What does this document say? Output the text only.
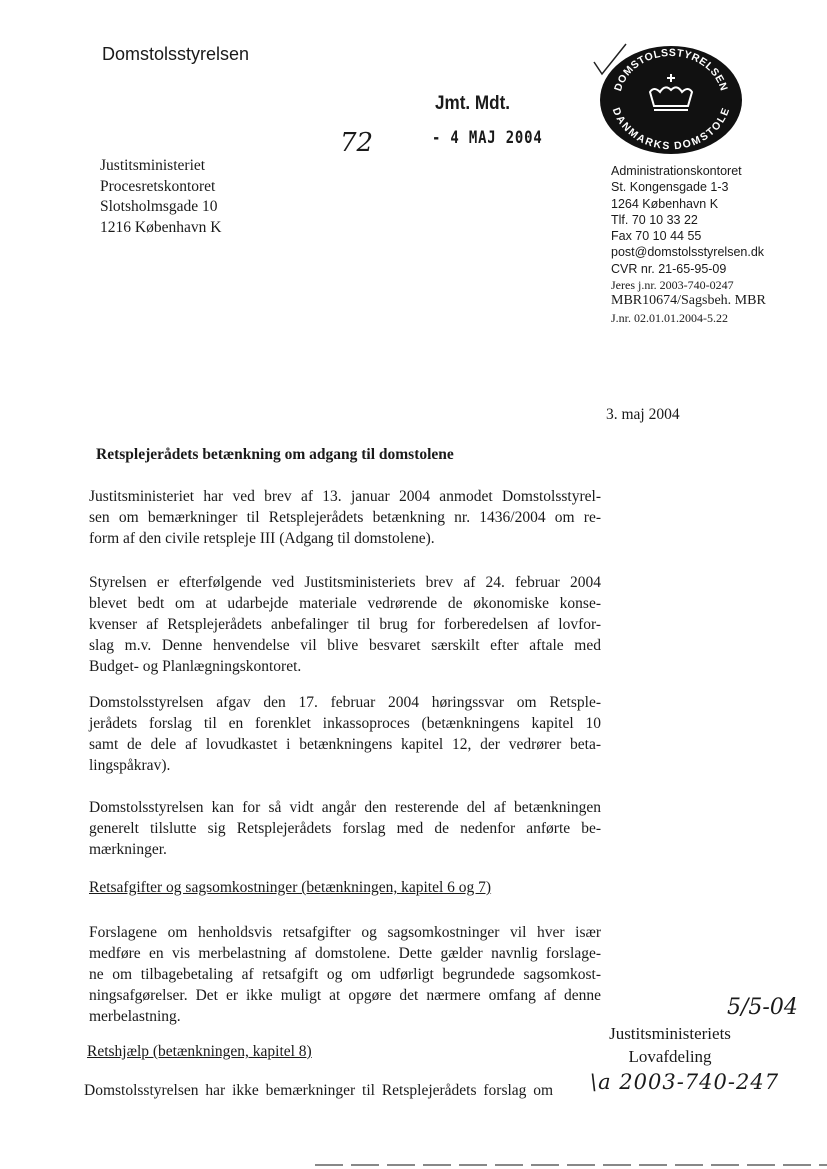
Domstolsstyrelsen
Justitsministeriet
Procesretskontoret
Slotsholmsgade 10
1216 København K
Jmt. Mdt.
- 4 MAJ 2004
72
DOMSTOLSSTYRELSEN
DANMARKS DOMSTOLE
Administrationskontoret
St. Kongensgade 1-3
1264 København K
Tlf. 70 10 33 22
Fax 70 10 44 55
post@domstolsstyrelsen.dk
CVR nr. 21-65-95-09
Jeres j.nr. 2003-740-0247
MBR10674/Sagsbeh. MBR
J.nr. 02.01.01.2004-5.22
3. maj 2004
Retsplejerådets betænkning om adgang til domstolene
Justitsministeriet har ved brev af 13. januar 2004 anmodet Domstolsstyrel-
sen om bemærkninger til Retsplejerådets betænkning nr. 1436/2004 om re-
form af den civile retspleje III (Adgang til domstolene).
Styrelsen er efterfølgende ved Justitsministeriets brev af 24. februar 2004
blevet bedt om at udarbejde materiale vedrørende de økonomiske konse-
kvenser af Retsplejerådets anbefalinger til brug for forberedelsen af lovfor-
slag m.v. Denne henvendelse vil blive besvaret særskilt efter aftale med
Budget- og Planlægningskontoret.
Domstolsstyrelsen afgav den 17. februar 2004 høringssvar om Retsple-
jerådets forslag til en forenklet inkassoproces (betænkningens kapitel 10
samt de dele af lovudkastet i betænkningens kapitel 12, der vedrører beta-
lingspåkrav).
Domstolsstyrelsen kan for så vidt angår den resterende del af betænkningen
generelt tilslutte sig Retsplejerådets forslag med de nedenfor anførte be-
mærkninger.
Retsafgifter og sagsomkostninger (betænkningen, kapitel 6 og 7)
Forslagene om henholdsvis retsafgifter og sagsomkostninger vil hver især
medføre en vis merbelastning af domstolene. Dette gælder navnlig forslage-
ne om tilbagebetaling af retsafgift og om udførligt begrundede sagsomkost-
ningsafgørelser. Det er ikke muligt at opgøre det nærmere omfang af denne
merbelastning.
Retshjælp (betænkningen, kapitel 8)
Domstolsstyrelsen har ikke bemærkninger til Retsplejerådets forslag om
Justitsministeriets
Lovafdeling
5/5-04
\a 2003-740-247
